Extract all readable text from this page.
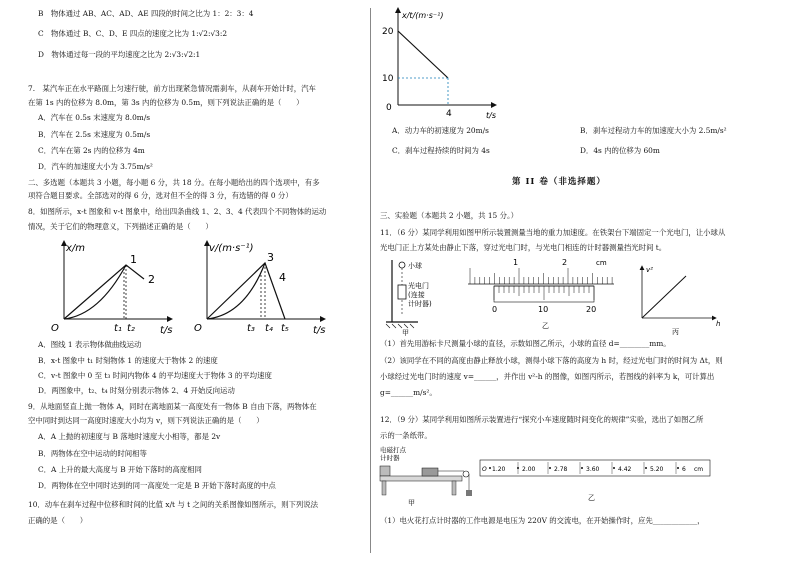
B　物体通过 AB、AC、AD、AE 四段的时间之比为 1：2：3：4
C　物体通过 B、C、D、E 四点的速度之比为 1:√2:√3:2
D　物体通过每一段的平均速度之比为 2:√3:√2:1
7.　某汽车正在水平路面上匀速行驶，前方出现紧急情况需刹车，从刹车开始计时，汽车
在第 1s 内的位移为 8.0m，第 3s 内的位移为 0.5m，则下列说法正确的是（　　）
A．汽车在 0.5s 末速度为 8.0m/s
B．汽车在 2.5s 末速度为 0.5m/s
C．汽车在第 2s 内的位移为 4m
D．汽车的加速度大小为 3.75m/s²
二、多选题（本题共 3 小题，每小题 6 分，共 18 分。在每小题给出的四个选项中，有多
项符合题目要求。全部选对的得 6 分，选对但不全的得 3 分，有选错的得 0 分）
8．如图所示，x-t 图象和 v-t 图象中，给出四条曲线 1、2、3、4 代表四个不同物体的运动
情况，关于它们的物理意义，下列描述正确的是（　　）
x/m
t/s
O
1
2
t₁ t₂
v/(m·s⁻¹)
t/s
O
3
4
t₃ t₄ t₅
A．图线 1 表示物体做曲线运动
B．x-t 图象中 t₁ 时刻物体 1 的速度大于物体 2 的速度
C．v-t 图象中 0 至 t₃ 时间内物体 4 的平均速度大于物体 3 的平均速度
D．两图象中，t₂、t₄ 时刻分别表示物体 2、4 开始反向运动
9．从地面竖直上抛一物体 A，同时在离地面某一高度处有一物体 B 自由下落，两物体在
空中同时到达同一高度时速度大小均为 v，则下列说法正确的是（　　）
A．A 上抛的初速度与 B 落地时速度大小相等，都是 2v
B．两物体在空中运动的时间相等
C．A 上升的最大高度与 B 开始下落时的高度相同
D．两物体在空中同时达到的同一高度处一定是 B 开始下落时高度的中点
10．动车在刹车过程中位移和时间的比值 x/t 与 t 之间的关系图像如图所示，则下列说法
正确的是（　　）
x/t/(m·s⁻¹)
t/s
20
10
0
4
A．动力车的初速度为 20m/s	B．刹车过程动力车的加速度大小为 2.5m/s²
C．刹车过程持续的时间为 4s	D．4s 内的位移为 60m
第 II 卷（非选择题）
三、实验题（本题共 2 小题，共 15 分。）
11．（6 分）某同学利用如图甲所示装置测量当地的重力加速度。在铁架台下端固定一个光电门，让小球从
光电门正上方某处由静止下落，穿过光电门时，与光电门相连的计时器测量挡光时间 t。
小球
光电门
(连接
计时器)
甲
1	2	cm
0	10	20
乙
v²
h
丙
（1）首先用游标卡尺测量小球的直径，示数如图乙所示，小球的直径 d=________mm。
（2）该同学在不同的高度由静止释放小球，测得小球下落的高度为 h 时，经过光电门时的时间为 Δt，则
小球经过光电门时的速度 v=______，并作出 v²-h 的图像，如图丙所示，若图线的斜率为 k，可计算出
g=______m/s²。
12．（9 分）某同学利用如图所示装置进行“探究小车速度随时间变化的规律”实验，选出了如图乙所
示的一条纸带。
电磁打点
计时器
甲
O 1.20	2.00	2.78	3.60	4.42	5.20	6 cm
乙
（1）电火花打点计时器的工作电源是电压为 220V 的交流电，在开始操作时，应先____________，
